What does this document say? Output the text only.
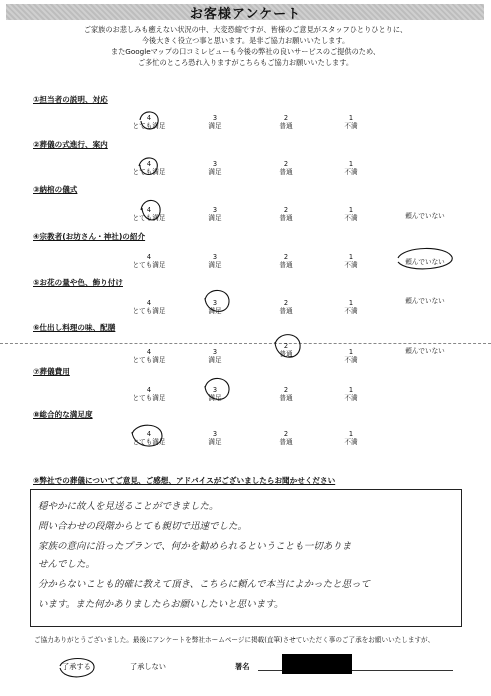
お客様アンケート
ご家族のお悲しみも癒えない状況の中、大変恐縮ですが、皆様のご意見がスタッフひとりひとりに、
今後大きく役立つ事と思います。是非ご協力お願いいたします。
またGoogleマップの口コミレビューも今後の弊社の良いサービスのご提供のため、
ご多忙のところ恐れ入りますがこちらもご協力お願いいたします。
①担当者の説明、対応
4
とても満足
3
満足
2
普通
1
不満
②葬儀の式進行、案内
4
とても満足
3
満足
2
普通
1
不満
③納棺の儀式
4
とても満足
3
満足
2
普通
1
不満	頼んでいない
④宗教者(お坊さん・神社)の紹介
4
とても満足
3
満足
2
普通
1
不満	頼んでいない
⑤お花の量や色、飾り付け
4
とても満足
3
満足
2
普通
1
不満
頼んでいない
⑥仕出し料理の味、配膳
4
とても満足
3
満足
2
普通	1
不満
頼んでいない
⑦葬儀費用
4
とても満足
3
満足
2
普通
1
不満
⑧総合的な満足度
4
とても満足
3
満足
2
普通
1
不満
⑨弊社での葬儀についてご意見、ご感想、アドバイスがございましたらお聞かせください
穏やかに故人を見送ることができました。
問い合わせの段階からとても親切で迅速でした。
家族の意向に沿ったプランで、何かを勧められるということも一切ありま
せんでした。
分からないことも的確に教えて頂き、こちらに頼んで本当によかったと思って
います。また何かありましたらお願いしたいと思います。
ご協力ありがとうございました。最後にアンケートを弊社ホームページに掲載(直筆)させていただく事のご了承をお願いいたしますが、
了承する	了承しない	署名
